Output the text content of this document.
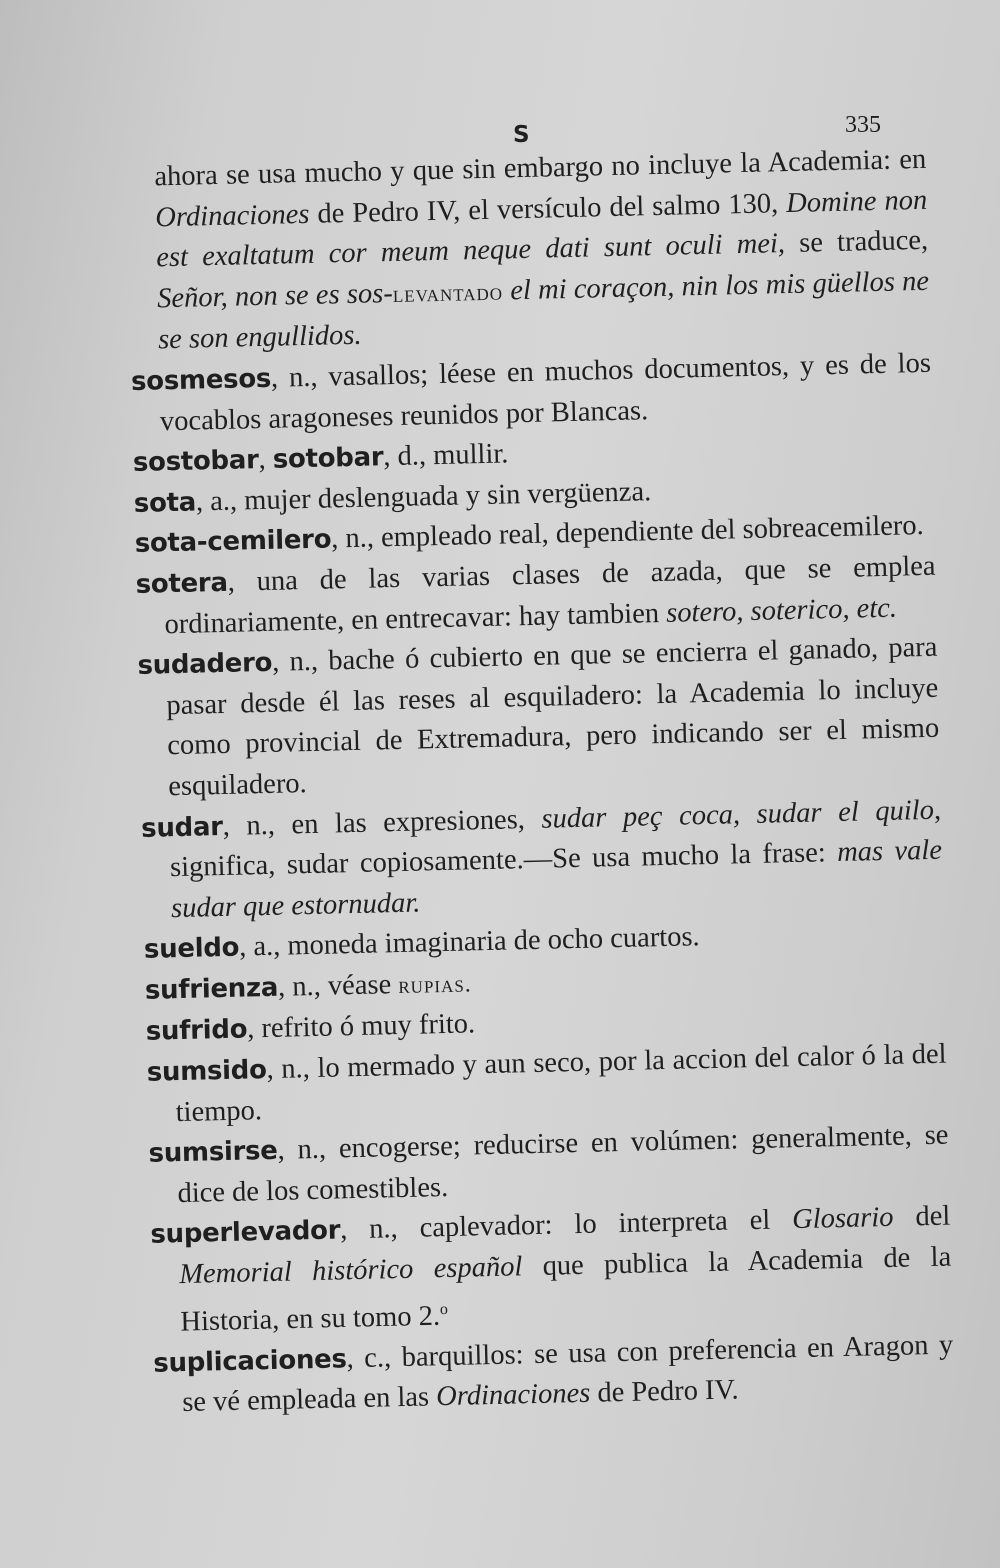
S	335

ahora se usa mucho y que sin embargo no incluye la Academia: en Ordinaciones de Pedro IV, el versículo del salmo 130, Domine non est exaltatum cor meum neque dati sunt oculi mei, se traduce, Señor, non se es sos-levantado el mi coraçon, nin los mis güellos ne se son engullidos.

sosmesos, n., vasallos; léese en muchos documentos, y es de los vocablos aragoneses reunidos por Blancas.

sostobar, sotobar, d., mullir.

sota, a., mujer deslenguada y sin vergüenza.

sota-cemilero, n., empleado real, dependiente del sobreacemilero.

sotera, una de las varias clases de azada, que se emplea ordinariamente, en entrecavar: hay tambien sotero, soterico, etc.

sudadero, n., bache ó cubierto en que se encierra el ganado, para pasar desde él las reses al esquiladero: la Academia lo incluye como provincial de Extremadura, pero indicando ser el mismo esquiladero.

sudar, n., en las expresiones, sudar peç coca, sudar el quilo, significa, sudar copiosamente.—Se usa mucho la frase: mas vale sudar que estornudar.

sueldo, a., moneda imaginaria de ocho cuartos.

sufrienza, n., véase rupias.

sufrido, refrito ó muy frito.

sumsido, n., lo mermado y aun seco, por la accion del calor ó la del tiempo.

sumsirse, n., encogerse; reducirse en volúmen: generalmente, se dice de los comestibles.

superlevador, n., caplevador: lo interpreta el Glosario del Memorial histórico español que publica la Academia de la Historia, en su tomo 2.$^o$

suplicaciones, c., barquillos: se usa con preferencia en Aragon y se vé empleada en las Ordinaciones de Pedro IV.
